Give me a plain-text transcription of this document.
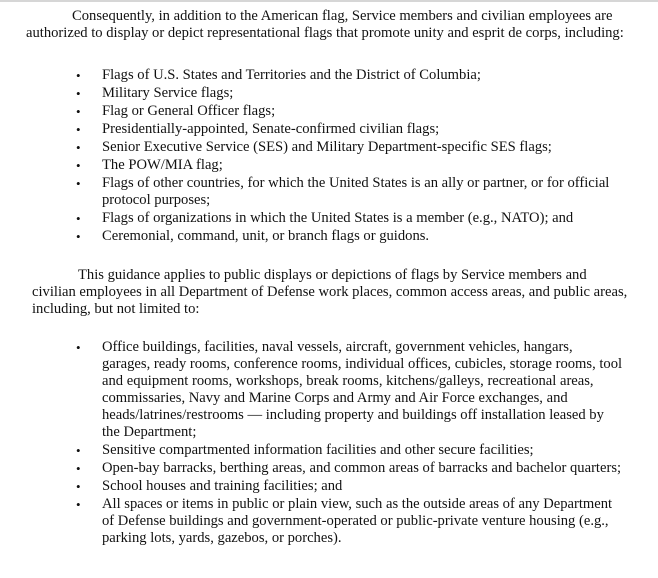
Consequently, in addition to the American flag, Service members and civilian employees are authorized to display or depict representational flags that promote unity and esprit de corps, including:

• Flags of U.S. States and Territories and the District of Columbia;
• Military Service flags;
• Flag or General Officer flags;
• Presidentially-appointed, Senate-confirmed civilian flags;
• Senior Executive Service (SES) and Military Department-specific SES flags;
• The POW/MIA flag;
• Flags of other countries, for which the United States is an ally or partner, or for official protocol purposes;
• Flags of organizations in which the United States is a member (e.g., NATO); and
• Ceremonial, command, unit, or branch flags or guidons.

This guidance applies to public displays or depictions of flags by Service members and civilian employees in all Department of Defense work places, common access areas, and public areas, including, but not limited to:

• Office buildings, facilities, naval vessels, aircraft, government vehicles, hangars, garages, ready rooms, conference rooms, individual offices, cubicles, storage rooms, tool and equipment rooms, workshops, break rooms, kitchens/galleys, recreational areas, commissaries, Navy and Marine Corps and Army and Air Force exchanges, and heads/latrines/restrooms — including property and buildings off installation leased by the Department;
• Sensitive compartmented information facilities and other secure facilities;
• Open-bay barracks, berthing areas, and common areas of barracks and bachelor quarters;
• School houses and training facilities; and
• All spaces or items in public or plain view, such as the outside areas of any Department of Defense buildings and government-operated or public-private venture housing (e.g., parking lots, yards, gazebos, or porches).
